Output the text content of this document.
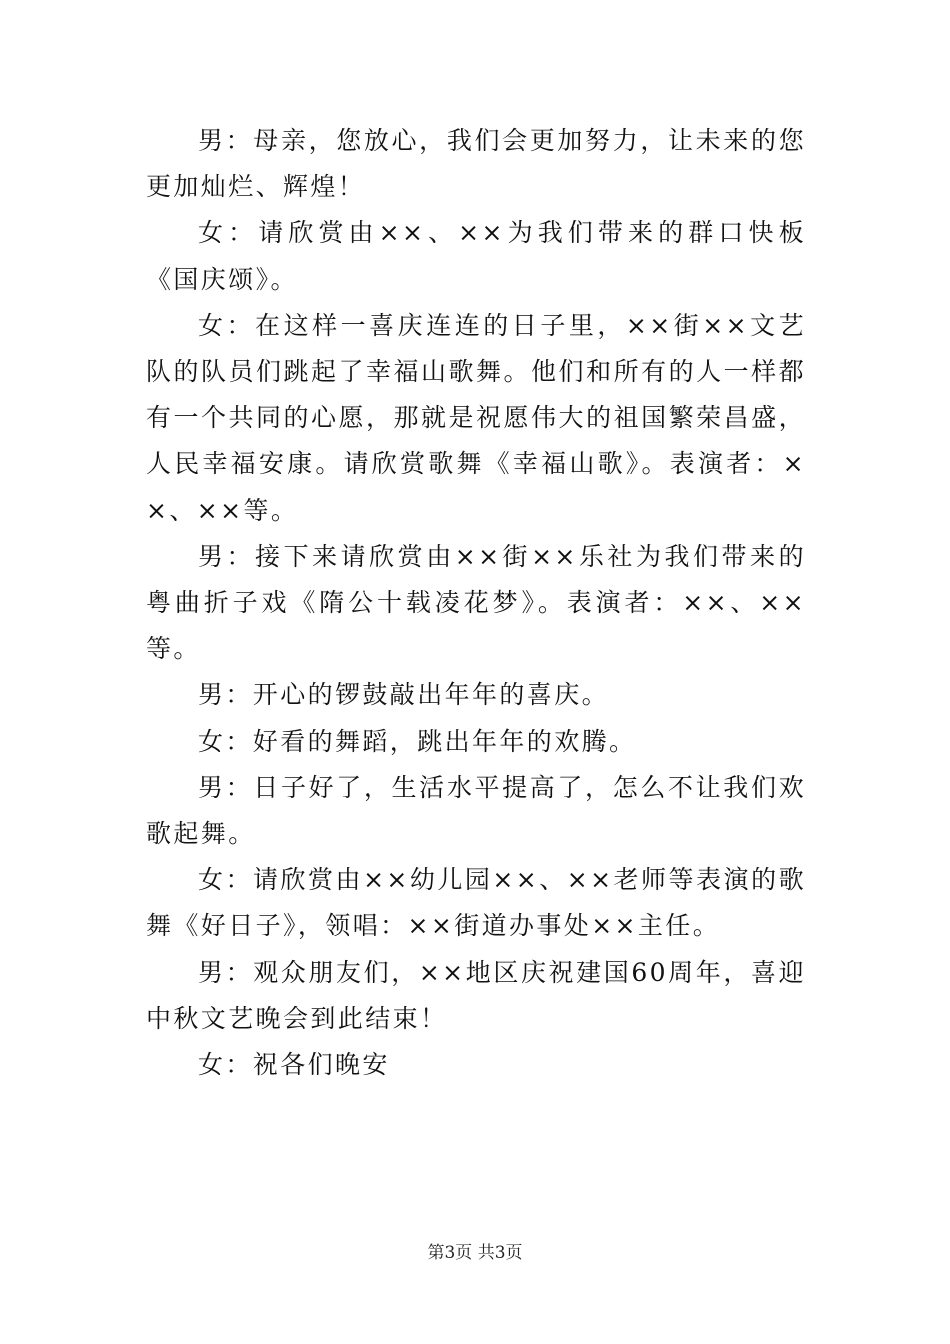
男：母亲，您放心，我们会更加努力，让未来的您更加灿烂、辉煌！

女：请欣赏由××、××为我们带来的群口快板《国庆颂》。

女：在这样一喜庆连连的日子里，××街××文艺队的队员们跳起了幸福山歌舞。他们和所有的人一样都有一个共同的心愿，那就是祝愿伟大的祖国繁荣昌盛，人民幸福安康。请欣赏歌舞《幸福山歌》。表演者：××、××等。

男：接下来请欣赏由××街××乐社为我们带来的粤曲折子戏《隋公十载凌花梦》。表演者：××、××等。

男：开心的锣鼓敲出年年的喜庆。

女：好看的舞蹈，跳出年年的欢腾。

男：日子好了，生活水平提高了，怎么不让我们欢歌起舞。

女：请欣赏由××幼儿园××、××老师等表演的歌舞《好日子》，领唱：××街道办事处××主任。

男：观众朋友们，××地区庆祝建国60周年，喜迎中秋文艺晚会到此结束！

女：祝各们晚安

第3页 共3页
